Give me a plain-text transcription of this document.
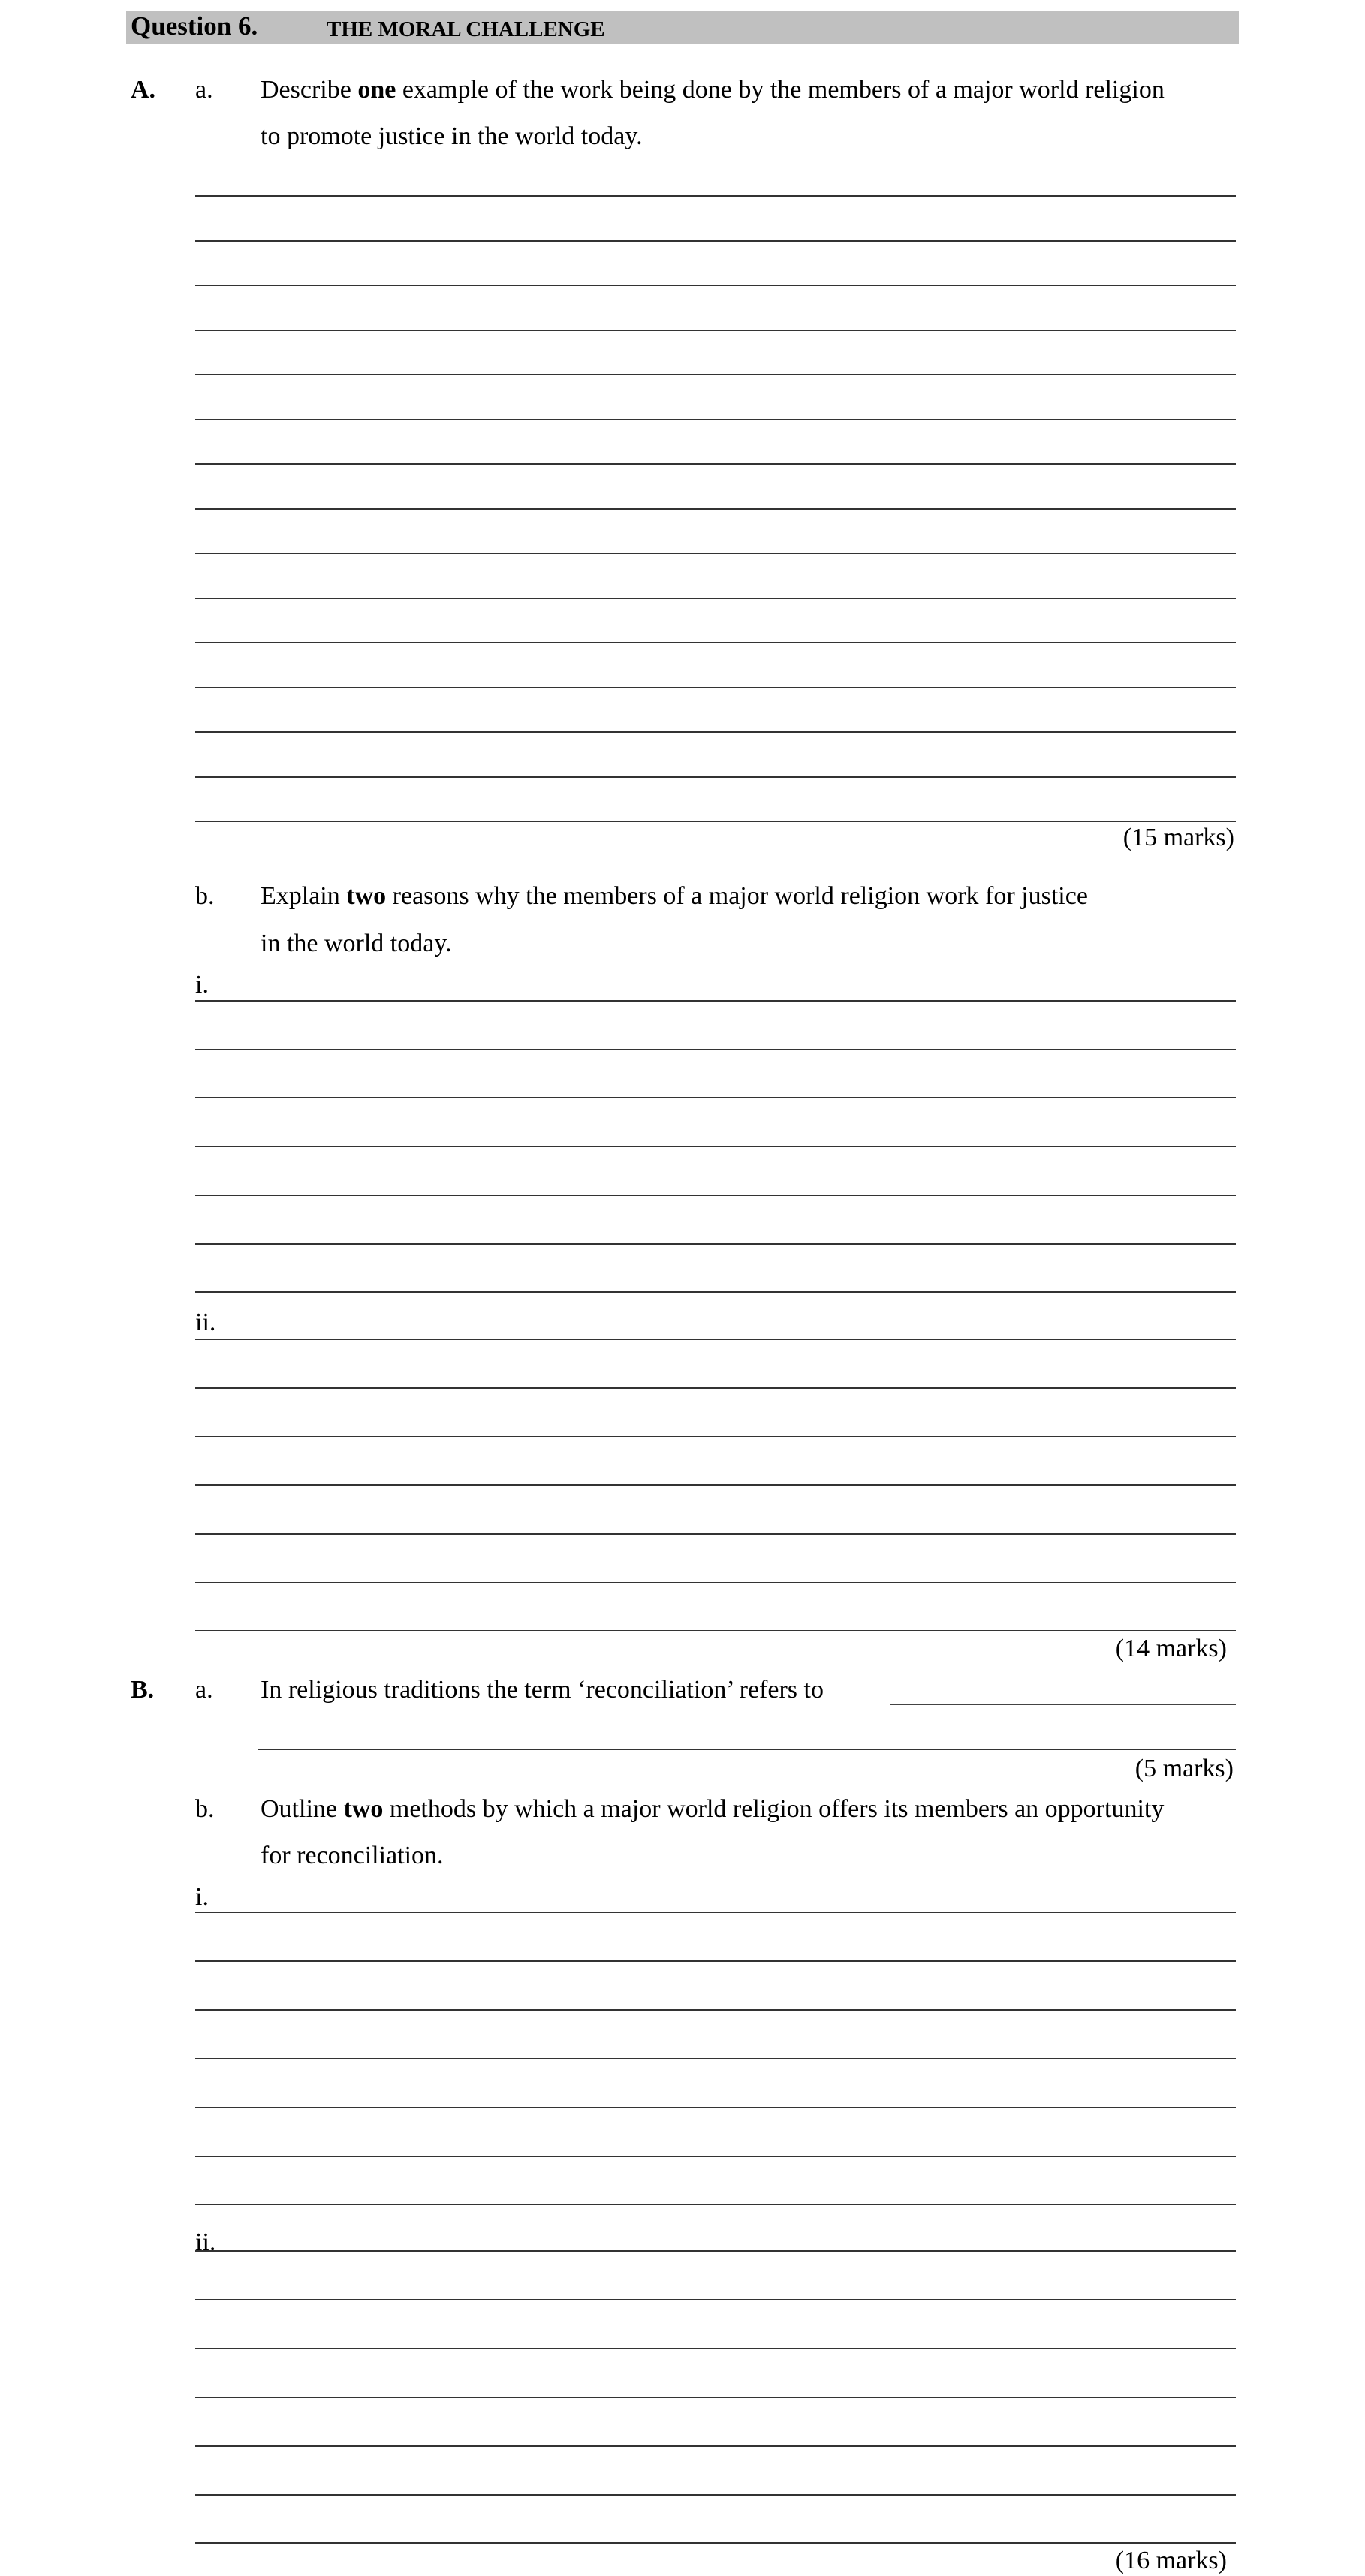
Question 6.	THE MORAL CHALLENGE
A. a. Describe one example of the work being done by the members of a major world religion
to promote justice in the world today.
(15 marks)
b. Explain two reasons why the members of a major world religion work for justice
in the world today.
i.
ii.
(14 marks)
B. a. In religious traditions the term ‘reconciliation’ refers to
(5 marks)
b. Outline two methods by which a major world religion offers its members an opportunity
for reconciliation.
i.
ii.
(16 marks)
